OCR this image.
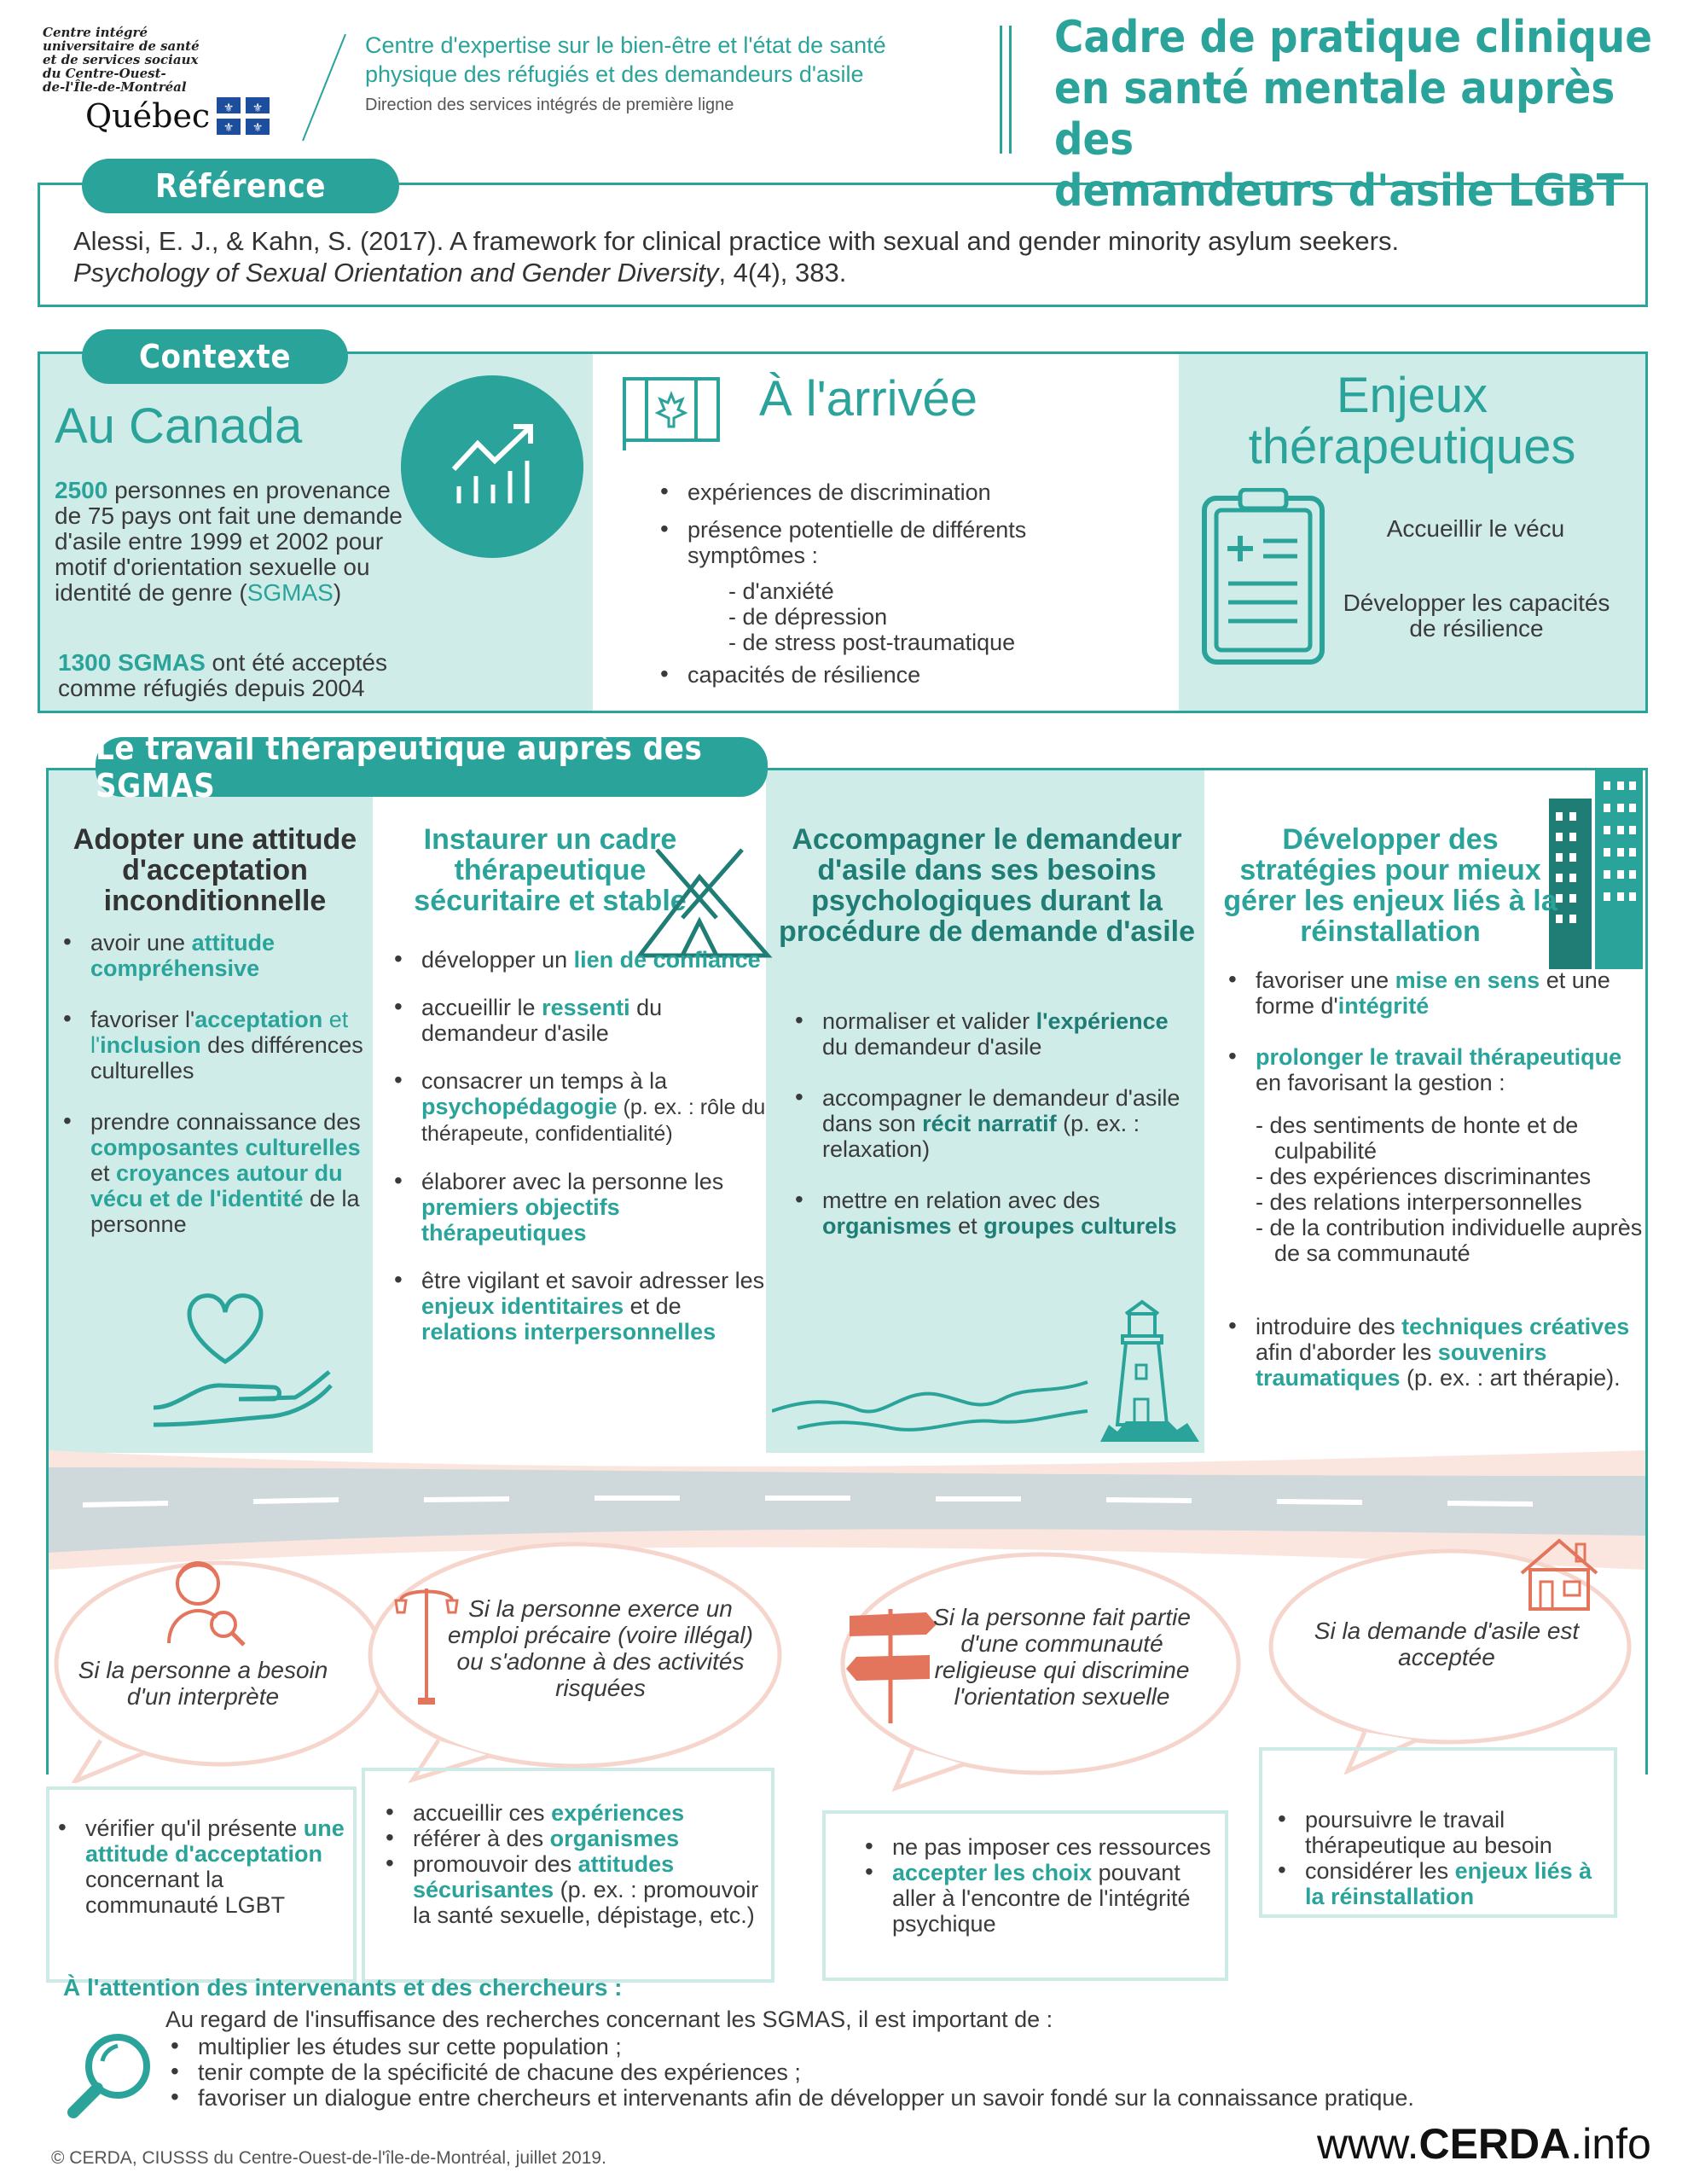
Centre intégré
universitaire de santé
et de services sociaux
du Centre-Ouest-
de-l'Île-de-Montréal
Québec ⚜ ⚜
⚜ ⚜
Centre d'expertise sur le bien-être et l'état de santé
physique des réfugiés et des demandeurs d'asile
Direction des services intégrés de première ligne
Cadre de pratique clinique
en santé mentale auprès des
demandeurs d'asile LGBT
Référence
Alessi, E. J., & Kahn, S. (2017). A framework for clinical practice with sexual and gender minority asylum seekers.
Psychology of Sexual Orientation and Gender Diversity, 4(4), 383.
Contexte
Au Canada
2500 personnes en provenance de 75 pays ont fait une demande d'asile entre 1999 et 2002 pour motif d'orientation sexuelle ou identité de genre (SGMAS)
1300 SGMAS ont été acceptés comme réfugiés depuis 2004
À l'arrivée
• expériences de discrimination
• présence potentielle de différents symptômes :
- d'anxiété
- de dépression
- de stress post-traumatique
• capacités de résilience
Enjeux
thérapeutiques
Accueillir le vécu
Développer les capacités de résilience
Le travail thérapeutique auprès des SGMAS
Adopter une attitude d'acceptation inconditionnelle
• avoir une attitude compréhensive
• favoriser l'acceptation et l'inclusion des différences culturelles
• prendre connaissance des composantes culturelles et croyances autour du vécu et de l'identité de la personne
Instaurer un cadre thérapeutique sécuritaire et stable
• développer un lien de confiance
• accueillir le ressenti du demandeur d'asile
• consacrer un temps à la psychopédagogie (p. ex. : rôle du thérapeute, confidentialité)
• élaborer avec la personne les premiers objectifs thérapeutiques
• être vigilant et savoir adresser les enjeux identitaires et de relations interpersonnelles
Accompagner le demandeur d'asile dans ses besoins psychologiques durant la procédure de demande d'asile
• normaliser et valider l'expérience du demandeur d'asile
• accompagner le demandeur d'asile dans son récit narratif (p. ex. : relaxation)
• mettre en relation avec des organismes et groupes culturels
Développer des stratégies pour mieux gérer les enjeux liés à la réinstallation
• favoriser une mise en sens et une forme d'intégrité
• prolonger le travail thérapeutique en favorisant la gestion :
- des sentiments de honte et de culpabilité
- des expériences discriminantes
- des relations interpersonnelles
- de la contribution individuelle auprès de sa communauté
• introduire des techniques créatives afin d'aborder les souvenirs traumatiques (p. ex. : art thérapie).
Si la personne a besoin d'un interprète
Si la personne exerce un emploi précaire (voire illégal) ou s'adonne à des activités risquées
Si la personne fait partie d'une communauté religieuse qui discrimine l'orientation sexuelle
Si la demande d'asile est acceptée
• vérifier qu'il présente une attitude d'acceptation concernant la communauté LGBT
• accueillir ces expériences
• référer à des organismes
• promouvoir des attitudes sécurisantes (p. ex. : promouvoir la santé sexuelle, dépistage, etc.)
• ne pas imposer ces ressources
• accepter les choix pouvant aller à l'encontre de l'intégrité psychique
• poursuivre le travail thérapeutique au besoin
• considérer les enjeux liés à la réinstallation
À l'attention des intervenants et des chercheurs :
Au regard de l'insuffisance des recherches concernant les SGMAS, il est important de :
• multiplier les études sur cette population ;
• tenir compte de la spécificité de chacune des expériences ;
• favoriser un dialogue entre chercheurs et intervenants afin de développer un savoir fondé sur la connaissance pratique.
© CERDA, CIUSSS du Centre-Ouest-de-l'île-de-Montréal, juillet 2019.	www.CERDA.info
